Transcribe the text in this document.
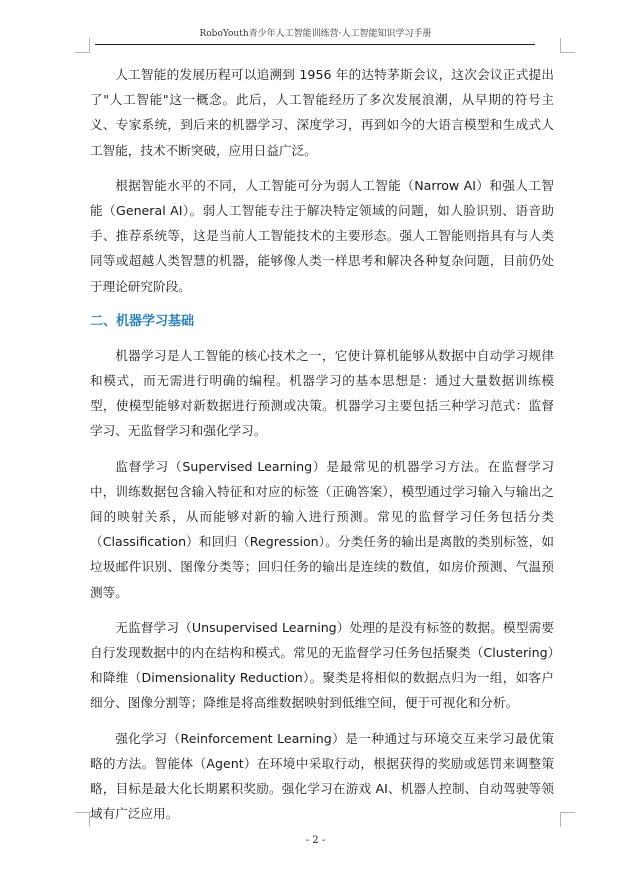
RoboYouth青少年人工智能训练营·人工智能知识学习手册

人工智能的发展历程可以追溯到 1956 年的达特茅斯会议，这次会议正式提出了"人工智能"这一概念。此后，人工智能经历了多次发展浪潮，从早期的符号主义、专家系统，到后来的机器学习、深度学习，再到如今的大语言模型和生成式人工智能，技术不断突破，应用日益广泛。

根据智能水平的不同，人工智能可分为弱人工智能（Narrow AI）和强人工智能（General AI）。弱人工智能专注于解决特定领域的问题，如人脸识别、语音助手、推荐系统等，这是当前人工智能技术的主要形态。强人工智能则指具有与人类同等或超越人类智慧的机器，能够像人类一样思考和解决各种复杂问题，目前仍处于理论研究阶段。

二、机器学习基础

机器学习是人工智能的核心技术之一，它使计算机能够从数据中自动学习规律和模式，而无需进行明确的编程。机器学习的基本思想是：通过大量数据训练模型，使模型能够对新数据进行预测或决策。机器学习主要包括三种学习范式：监督学习、无监督学习和强化学习。

监督学习（Supervised Learning）是最常见的机器学习方法。在监督学习中，训练数据包含输入特征和对应的标签（正确答案），模型通过学习输入与输出之间的映射关系，从而能够对新的输入进行预测。常见的监督学习任务包括分类（Classification）和回归（Regression）。分类任务的输出是离散的类别标签，如垃圾邮件识别、图像分类等；回归任务的输出是连续的数值，如房价预测、气温预测等。

无监督学习（Unsupervised Learning）处理的是没有标签的数据。模型需要自行发现数据中的内在结构和模式。常见的无监督学习任务包括聚类（Clustering）和降维（Dimensionality Reduction）。聚类是将相似的数据点归为一组，如客户细分、图像分割等；降维是将高维数据映射到低维空间，便于可视化和分析。

强化学习（Reinforcement Learning）是一种通过与环境交互来学习最优策略的方法。智能体（Agent）在环境中采取行动，根据获得的奖励或惩罚来调整策略，目标是最大化长期累积奖励。强化学习在游戏 AI、机器人控制、自动驾驶等领域有广泛应用。

- 2 -
